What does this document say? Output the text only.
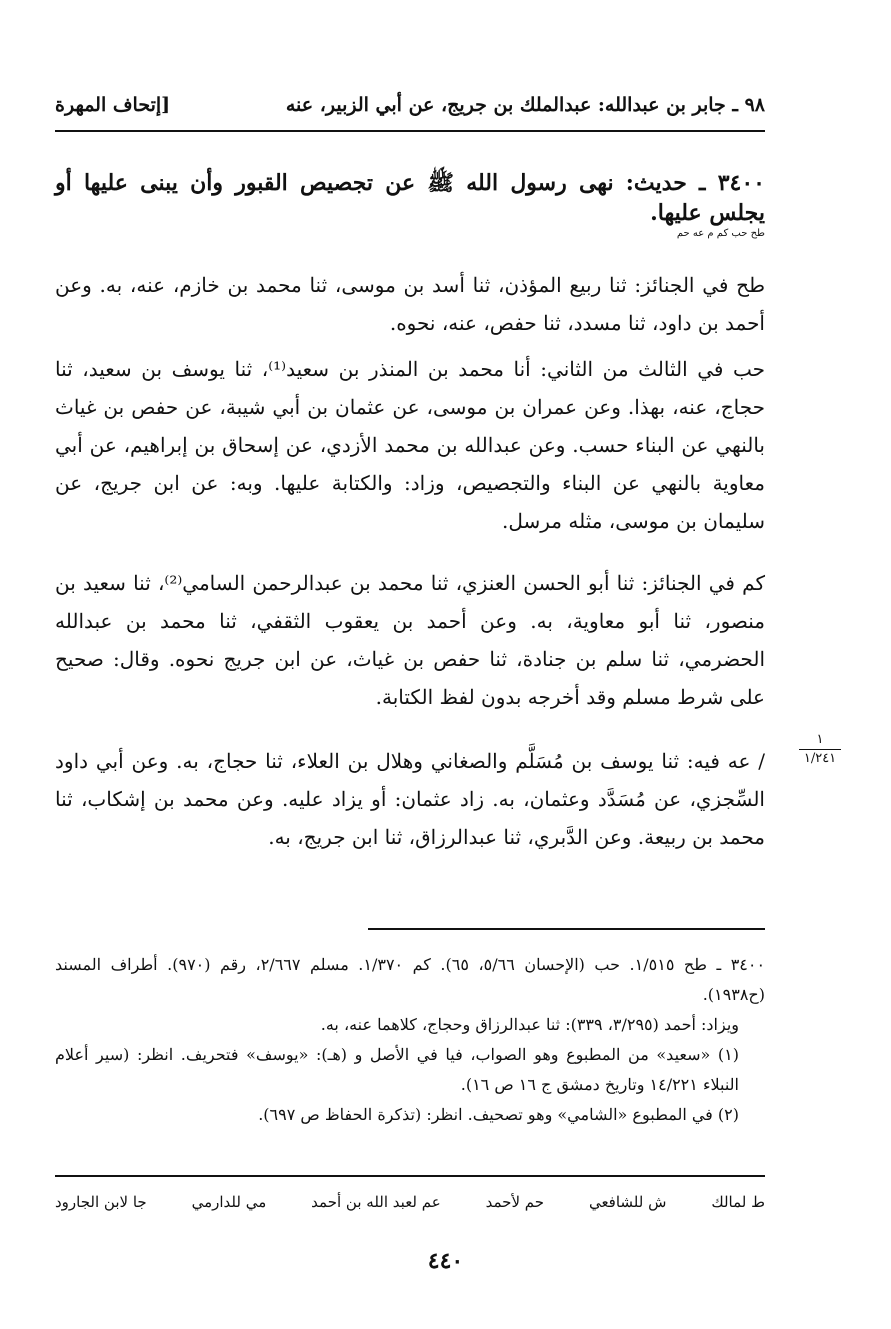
٩٨ ـ جابر بن عبدالله: عبدالملك بن جريج، عن أبي الزبير، عنه
[إتحاف المهرة
٣٤٠٠ ـ حديث: نهى رسول الله ﷺ عن تجصيص القبور وأن يبنى عليها أو يجلس عليها.
طح حب كم م عه حم
طح في الجنائز: ثنا ربيع المؤذن، ثنا أسد بن موسى، ثنا محمد بن خازم، عنه، به. وعن أحمد بن داود، ثنا مسدد، ثنا حفص، عنه، نحوه.
حب في الثالث من الثاني: أنا محمد بن المنذر بن سعيد⁽¹⁾، ثنا يوسف بن سعيد، ثنا حجاج، عنه، بهذا. وعن عمران بن موسى، عن عثمان بن أبي شيبة، عن حفص بن غياث بالنهي عن البناء حسب. وعن عبدالله بن محمد الأزدي، عن إسحاق بن إبراهيم، عن أبي معاوية بالنهي عن البناء والتجصيص، وزاد: والكتابة عليها. وبه: عن ابن جريج، عن سليمان بن موسى، مثله مرسل.
كم في الجنائز: ثنا أبو الحسن العنزي، ثنا محمد بن عبدالرحمن السامي⁽²⁾، ثنا سعيد بن منصور، ثنا أبو معاوية، به. وعن أحمد بن يعقوب الثقفي، ثنا محمد بن عبدالله الحضرمي، ثنا سلم بن جنادة، ثنا حفص بن غياث، عن ابن جريج نحوه. وقال: صحيح على شرط مسلم وقد أخرجه بدون لفظ الكتابة.
/ عه فيه: ثنا يوسف بن مُسَلَّم والصغاني وهلال بن العلاء، ثنا حجاج، به. وعن أبي داود السِّجزي، عن مُسَدَّد وعثمان، به. زاد عثمان: أو يزاد عليه. وعن محمد بن إشكاب، ثنا محمد بن ربيعة. وعن الدَّبري، ثنا عبدالرزاق، ثنا ابن جريج، به.
١
١/٢٤١

٣٤٠٠ ـ طح ١/٥١٥. حب (الإحسان ٥/٦٦، ٦٥). كم ١/٣٧٠. مسلم ٢/٦٦٧، رقم (٩٧٠). أطراف المسند (ح١٩٣٨).

ويزاد: أحمد (٣/٢٩٥، ٣٣٩): ثنا عبدالرزاق وحجاج، كلاهما عنه، به.

(١) «سعيد» من المطبوع وهو الصواب، فيا في الأصل و (هـ): «يوسف» فتحريف. انظر: (سير أعلام النبلاء ١٤/٢٢١ وتاريخ دمشق ج ١٦ ص ١٦).

(٢) في المطبوع «الشامي» وهو تصحيف. انظر: (تذكرة الحفاظ ص ٦٩٧).

ط لمالك
ش للشافعي
حم لأحمد
عم لعبد الله بن أحمد
مي للدارمي
جا لابن الجارود
٤٤٠
